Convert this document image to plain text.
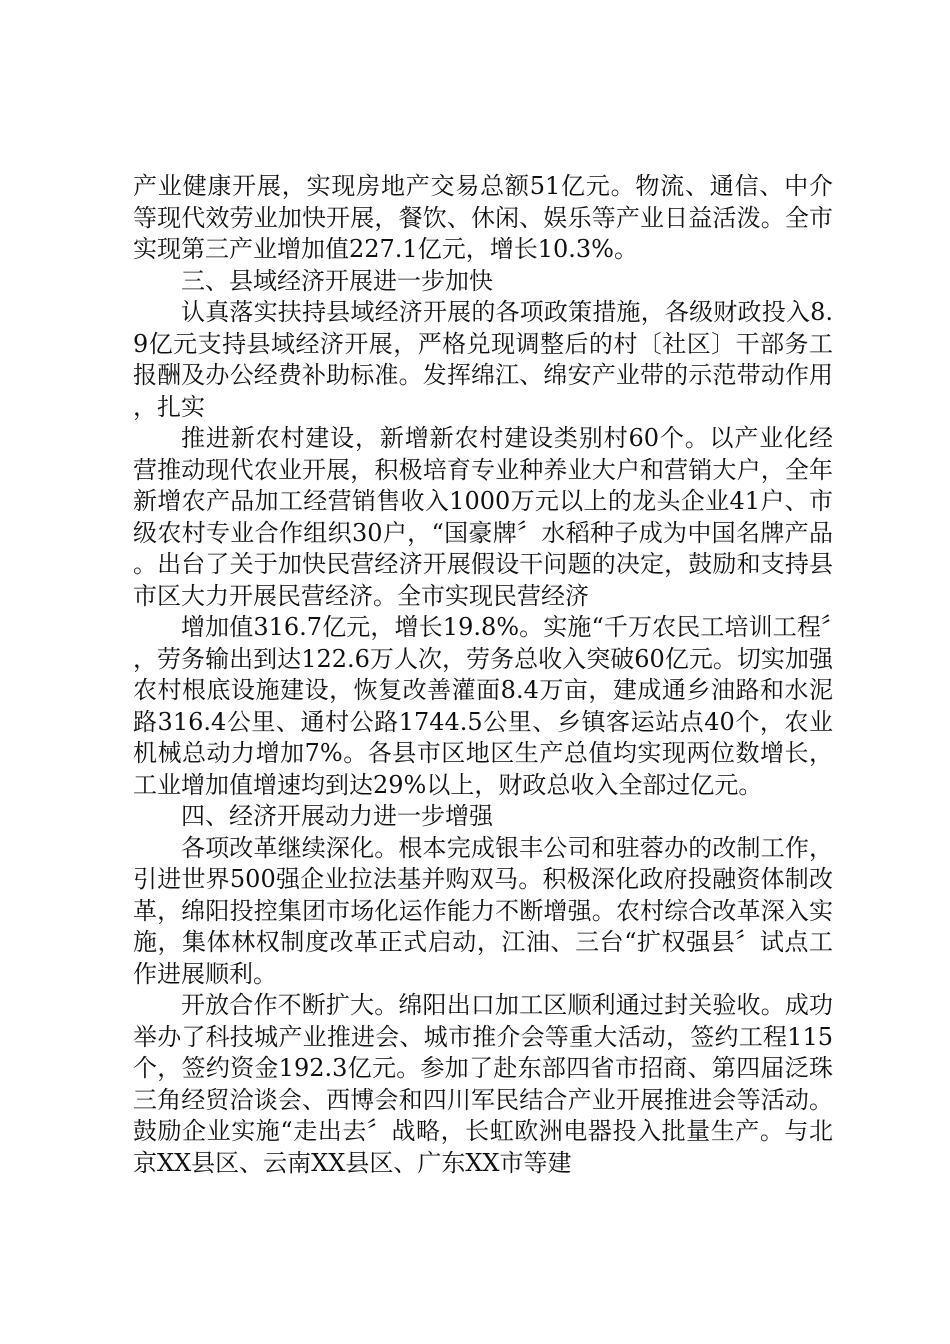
产业健康开展，实现房地产交易总额51亿元。物流、通信、中介等现代效劳业加快开展，餐饮、休闲、娱乐等产业日益活泼。全市实现第三产业增加值227.1亿元，增长10.3%。

三、县域经济开展进一步加快

认真落实扶持县域经济开展的各项政策措施，各级财政投入8.9亿元支持县域经济开展，严格兑现调整后的村〔社区〕干部务工报酬及办公经费补助标准。发挥绵江、绵安产业带的示范带动作用，扎实

推进新农村建设，新增新农村建设类别村60个。以产业化经营推动现代农业开展，积极培育专业种养业大户和营销大户，全年新增农产品加工经营销售收入1000万元以上的龙头企业41户、市级农村专业合作组织30户，“国豪牌〞水稻种子成为中国名牌产品。出台了关于加快民营经济开展假设干问题的决定，鼓励和支持县市区大力开展民营经济。全市实现民营经济

增加值316.7亿元，增长19.8%。实施“千万农民工培训工程〞，劳务输出到达122.6万人次，劳务总收入突破60亿元。切实加强农村根底设施建设，恢复改善灌面8.4万亩，建成通乡油路和水泥路316.4公里、通村公路1744.5公里、乡镇客运站点40个，农业机械总动力增加7%。各县市区地区生产总值均实现两位数增长，工业增加值增速均到达29%以上，财政总收入全部过亿元。

四、经济开展动力进一步增强

各项改革继续深化。根本完成银丰公司和驻蓉办的改制工作，引进世界500强企业拉法基并购双马。积极深化政府投融资体制改革，绵阳投控集团市场化运作能力不断增强。农村综合改革深入实施，集体林权制度改革正式启动，江油、三台“扩权强县〞试点工作进展顺利。

开放合作不断扩大。绵阳出口加工区顺利通过封关验收。成功举办了科技城产业推进会、城市推介会等重大活动，签约工程115个，签约资金192.3亿元。参加了赴东部四省市招商、第四届泛珠三角经贸洽谈会、西博会和四川军民结合产业开展推进会等活动。鼓励企业实施“走出去〞战略，长虹欧洲电器投入批量生产。与北京XX县区、云南XX县区、广东XX市等建
